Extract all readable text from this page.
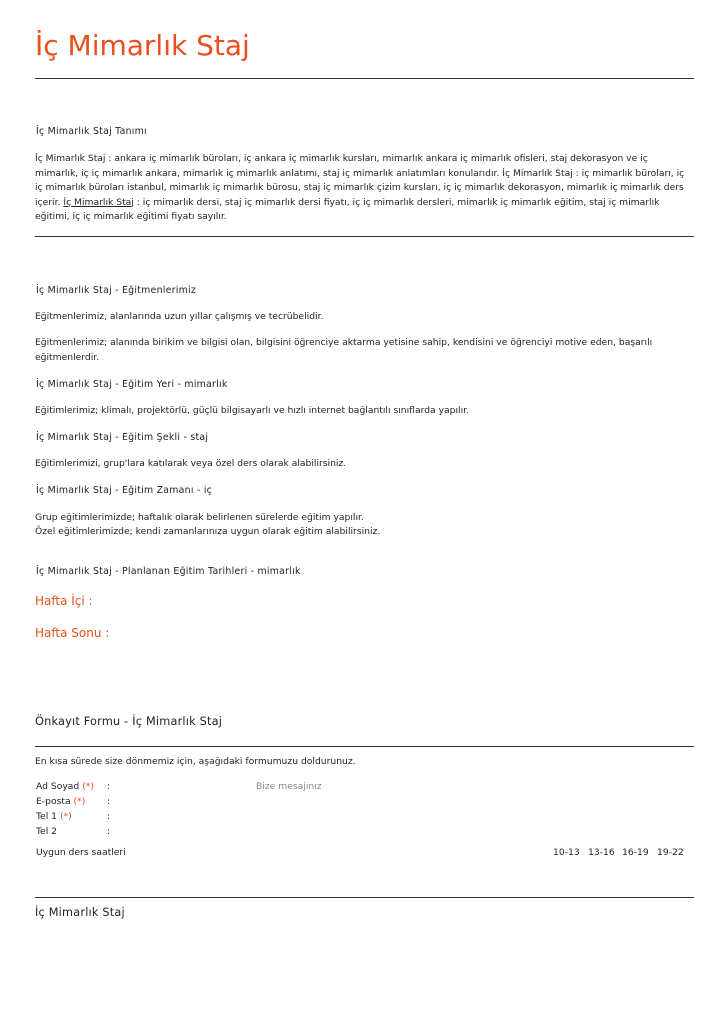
İç Mimarlık Staj
İç Mimarlık Staj Tanımı
İç Mimarlık Staj : ankara iç mimarlık büroları, iç ankara iç mimarlık kursları, mimarlık ankara iç mimarlık ofisleri, staj dekorasyon ve iç mimarlık, iç iç mimarlık ankara, mimarlık iç mimarlık anlatımı, staj iç mimarlık anlatımları konularıdır. İç Mimarlık Staj : iç mimarlık büroları, iç iç mimarlık büroları istanbul, mimarlık iç mimarlık bürosu, staj iç mimarlık çizim kursları, iç iç mimarlık dekorasyon, mimarlık iç mimarlık ders içerir. İç Mimarlık Staj : iç mimarlık dersi, staj iç mimarlık dersi fiyatı, iç iç mimarlık dersleri, mimarlık iç mimarlık eğitim, staj iç mimarlık eğitimi, iç iç mimarlık eğitimi fiyatı sayılır.
İç Mimarlık Staj - Eğitmenlerimiz
Eğitmenlerimiz, alanlarında uzun yıllar çalışmış ve tecrübelidir.
Eğitmenlerimiz; alanında birikim ve bilgisi olan, bilgisini öğrenciye aktarma yetisine sahip, kendisini ve öğrenciyi motive eden, başarılı eğitmenlerdir.
İç Mimarlık Staj - Eğitim Yeri - mimarlık
Eğitimlerimiz; klimalı, projektörlü, güçlü bilgisayarlı ve hızlı internet bağlantılı sınıflarda yapılır.
İç Mimarlık Staj - Eğitim Şekli - staj
Eğitimlerimizi, grup'lara katılarak veya özel ders olarak alabilirsiniz.
İç Mimarlık Staj - Eğitim Zamanı - iç
Grup eğitimlerimizde; haftalık olarak belirlenen sürelerde eğitim yapılır.
Özel eğitimlerimizde; kendi zamanlarınıza uygun olarak eğitim alabilirsiniz.
İç Mimarlık Staj - Planlanan Eğitim Tarihleri - mimarlık
Hafta İçi :
Hafta Sonu :
Önkayıt Formu - İç Mimarlık Staj
En kısa sürede size dönmemiz için, aşağıdaki formumuzu doldurunuz.
Ad Soyad (*) :
E-posta (*) :
Tel 1 (*)	:
Tel 2	:
Bize mesajınız
Uygun ders saatleri	10-13 13-16 16-19 19-22
İç Mimarlık Staj
